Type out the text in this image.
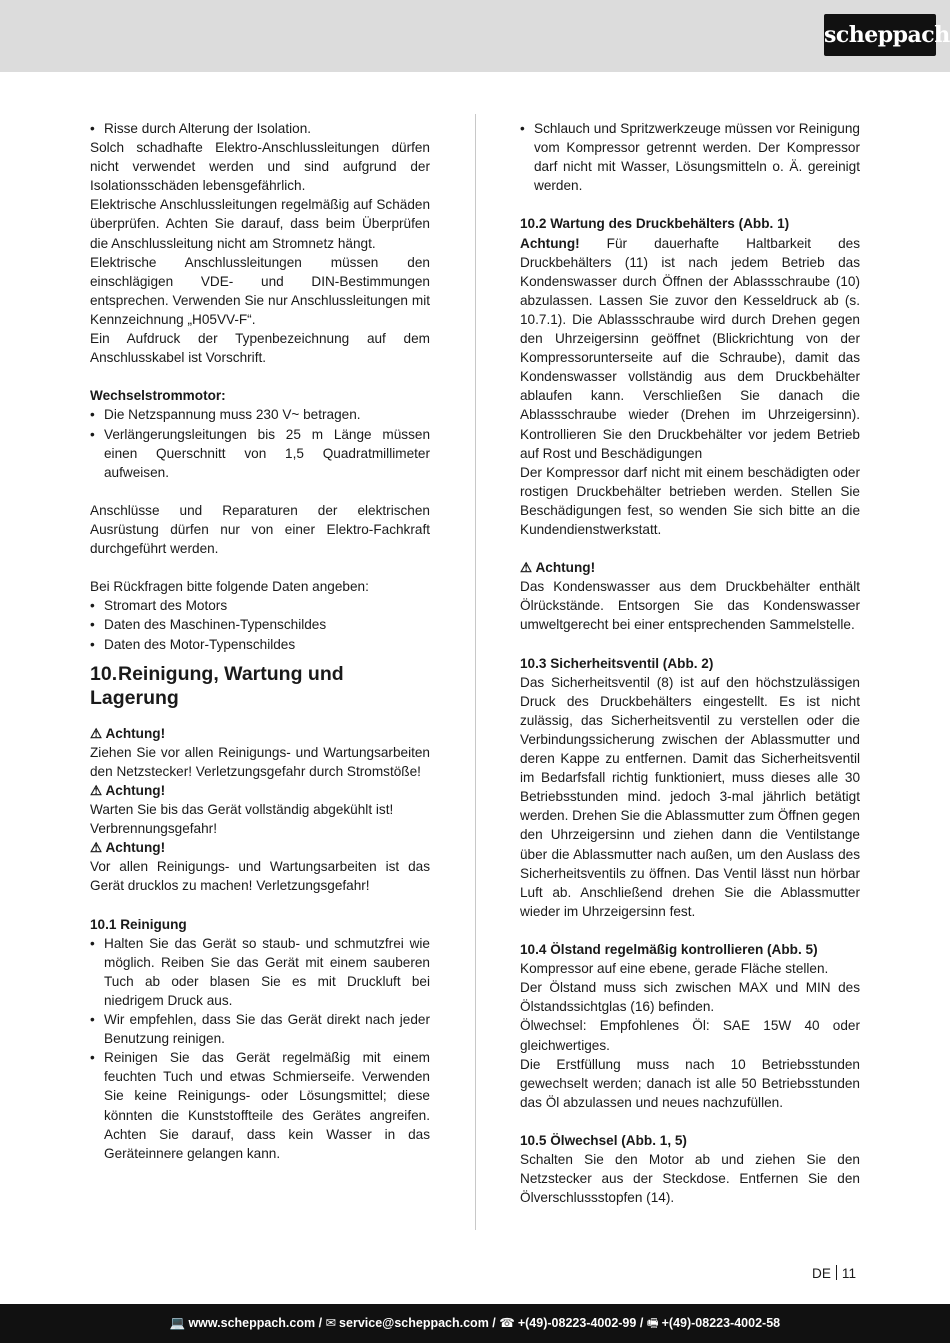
scheppach
• Risse durch Alterung der Isolation.
Solch schadhafte Elektro-Anschlussleitungen dürfen nicht verwendet werden und sind aufgrund der Isolationsschäden lebensgefährlich.
Elektrische Anschlussleitungen regelmäßig auf Schäden überprüfen. Achten Sie darauf, dass beim Überprüfen die Anschlussleitung nicht am Stromnetz hängt.
Elektrische Anschlussleitungen müssen den einschlägigen VDE- und DIN-Bestimmungen entsprechen. Verwenden Sie nur Anschlussleitungen mit Kennzeichnung „H05VV-F“.
Ein Aufdruck der Typenbezeichnung auf dem Anschlusskabel ist Vorschrift.
Wechselstrommotor:
• Die Netzspannung muss 230 V~ betragen.
• Verlängerungsleitungen bis 25 m Länge müssen einen Querschnitt von 1,5 Quadratmillimeter aufweisen.
Anschlüsse und Reparaturen der elektrischen Ausrüstung dürfen nur von einer Elektro-Fachkraft durchgeführt werden.
Bei Rückfragen bitte folgende Daten angeben:
• Stromart des Motors
• Daten des Maschinen-Typenschildes
• Daten des Motor-Typenschildes
10.Reinigung, Wartung und Lagerung
⚠ Achtung!
Ziehen Sie vor allen Reinigungs- und Wartungsarbeiten den Netzstecker! Verletzungsgefahr durch Stromstöße!
⚠ Achtung!
Warten Sie bis das Gerät vollständig abgekühlt ist! Verbrennungsgefahr!
⚠ Achtung!
Vor allen Reinigungs- und Wartungsarbeiten ist das Gerät drucklos zu machen! Verletzungsgefahr!
10.1 Reinigung
• Halten Sie das Gerät so staub- und schmutzfrei wie möglich. Reiben Sie das Gerät mit einem sauberen Tuch ab oder blasen Sie es mit Druckluft bei niedrigem Druck aus.
• Wir empfehlen, dass Sie das Gerät direkt nach jeder Benutzung reinigen.
• Reinigen Sie das Gerät regelmäßig mit einem feuchten Tuch und etwas Schmierseife. Verwenden Sie keine Reinigungs- oder Lösungsmittel; diese könnten die Kunststoffteile des Gerätes angreifen. Achten Sie darauf, dass kein Wasser in das Geräteinnere gelangen kann.
• Schlauch und Spritzwerkzeuge müssen vor Reinigung vom Kompressor getrennt werden. Der Kompressor darf nicht mit Wasser, Lösungsmitteln o. Ä. gereinigt werden.
10.2 Wartung des Druckbehälters (Abb. 1)
Achtung! Für dauerhafte Haltbarkeit des Druckbehälters (11) ist nach jedem Betrieb das Kondenswasser durch Öffnen der Ablassschraube (10) abzulassen. Lassen Sie zuvor den Kesseldruck ab (s. 10.7.1). Die Ablassschraube wird durch Drehen gegen den Uhrzeigersinn geöffnet (Blickrichtung von der Kompressorunterseite auf die Schraube), damit das Kondenswasser vollständig aus dem Druckbehälter ablaufen kann. Verschließen Sie danach die Ablassschraube wieder (Drehen im Uhrzeigersinn). Kontrollieren Sie den Druckbehälter vor jedem Betrieb auf Rost und Beschädigungen
Der Kompressor darf nicht mit einem beschädigten oder rostigen Druckbehälter betrieben werden. Stellen Sie Beschädigungen fest, so wenden Sie sich bitte an die Kundendienstwerkstatt.
⚠ Achtung!
Das Kondenswasser aus dem Druckbehälter enthält Ölrückstände. Entsorgen Sie das Kondenswasser umweltgerecht bei einer entsprechenden Sammelstelle.
10.3 Sicherheitsventil (Abb. 2)
Das Sicherheitsventil (8) ist auf den höchstzulässigen Druck des Druckbehälters eingestellt. Es ist nicht zulässig, das Sicherheitsventil zu verstellen oder die Verbindungssicherung zwischen der Ablassmutter und deren Kappe zu entfernen. Damit das Sicherheitsventil im Bedarfsfall richtig funktioniert, muss dieses alle 30 Betriebsstunden mind. jedoch 3-mal jährlich betätigt werden. Drehen Sie die Ablassmutter zum Öffnen gegen den Uhrzeigersinn und ziehen dann die Ventilstange über die Ablassmutter nach außen, um den Auslass des Sicherheitsventils zu öffnen. Das Ventil lässt nun hörbar Luft ab. Anschließend drehen Sie die Ablassmutter wieder im Uhrzeigersinn fest.
10.4 Ölstand regelmäßig kontrollieren (Abb. 5)
Kompressor auf eine ebene, gerade Fläche stellen.
Der Ölstand muss sich zwischen MAX und MIN des Ölstandssichtglas (16) befinden.
Ölwechsel: Empfohlenes Öl: SAE 15W 40 oder gleichwertiges.
Die Erstfüllung muss nach 10 Betriebsstunden gewechselt werden; danach ist alle 50 Betriebsstunden das Öl abzulassen und neues nachzufüllen.
10.5 Ölwechsel (Abb. 1, 5)
Schalten Sie den Motor ab und ziehen Sie den Netzstecker aus der Steckdose. Entfernen Sie den Ölverschlussstopfen (14).
DE 11
💻 www.scheppach.com / ✉ service@scheppach.com / ☎ +(49)-08223-4002-99 / 🖷 +(49)-08223-4002-58
